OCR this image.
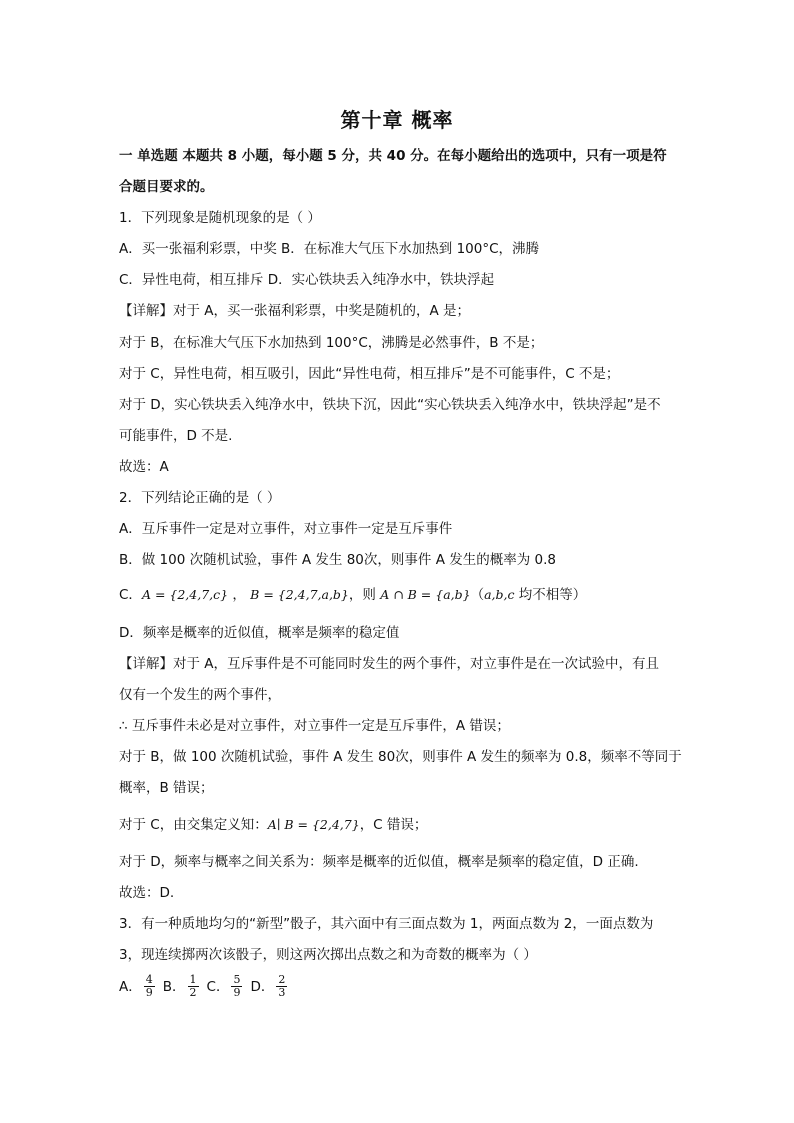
第十章 概率
一 单选题 本题共 8 小题，每小题 5 分，共 40 分。在每小题给出的选项中，只有一项是符
合题目要求的。
1．下列现象是随机现象的是（ ）
A．买一张福利彩票，中奖 B．在标准大气压下水加热到 100°C，沸腾
C．异性电荷，相互排斥 D．实心铁块丢入纯净水中，铁块浮起
【详解】对于 A，买一张福利彩票，中奖是随机的，A 是；
对于 B，在标准大气压下水加热到 100°C，沸腾是必然事件，B 不是；
对于 C，异性电荷，相互吸引，因此“异性电荷，相互排斥”是不可能事件，C 不是；
对于 D，实心铁块丢入纯净水中，铁块下沉，因此“实心铁块丢入纯净水中，铁块浮起”是不
可能事件，D 不是.
故选：A
2．下列结论正确的是（ ）
A．互斥事件一定是对立事件，对立事件一定是互斥事件
B．做 100 次随机试验，事件 A 发生 80次，则事件 A 发生的概率为 0.8
C．A = {2,4,7,c} ， B = {2,4,7,a,b}，则 A ∩ B = {a,b}（a,b,c 均不相等）
D．频率是概率的近似值，概率是频率的稳定值
【详解】对于 A，互斥事件是不可能同时发生的两个事件，对立事件是在一次试验中，有且
仅有一个发生的两个事件，
∴ 互斥事件未必是对立事件，对立事件一定是互斥事件，A 错误；
对于 B，做 100 次随机试验，事件 A 发生 80次，则事件 A 发生的频率为 0.8，频率不等同于
概率，B 错误；
对于 C，由交集定义知：A∣ B = {2,4,7}，C 错误；
对于 D，频率与概率之间关系为：频率是概率的近似值，概率是频率的稳定值，D 正确.
故选：D.
3．有一种质地均匀的“新型”骰子，其六面中有三面点数为 1，两面点数为 2，一面点数为
3，现连续掷两次该骰子，则这两次掷出点数之和为奇数的概率为（ ）
A． $\frac{4}{9}$ B． $\frac{1}{2}$ C． $\frac{5}{9}$ D． $\frac{2}{3}$
